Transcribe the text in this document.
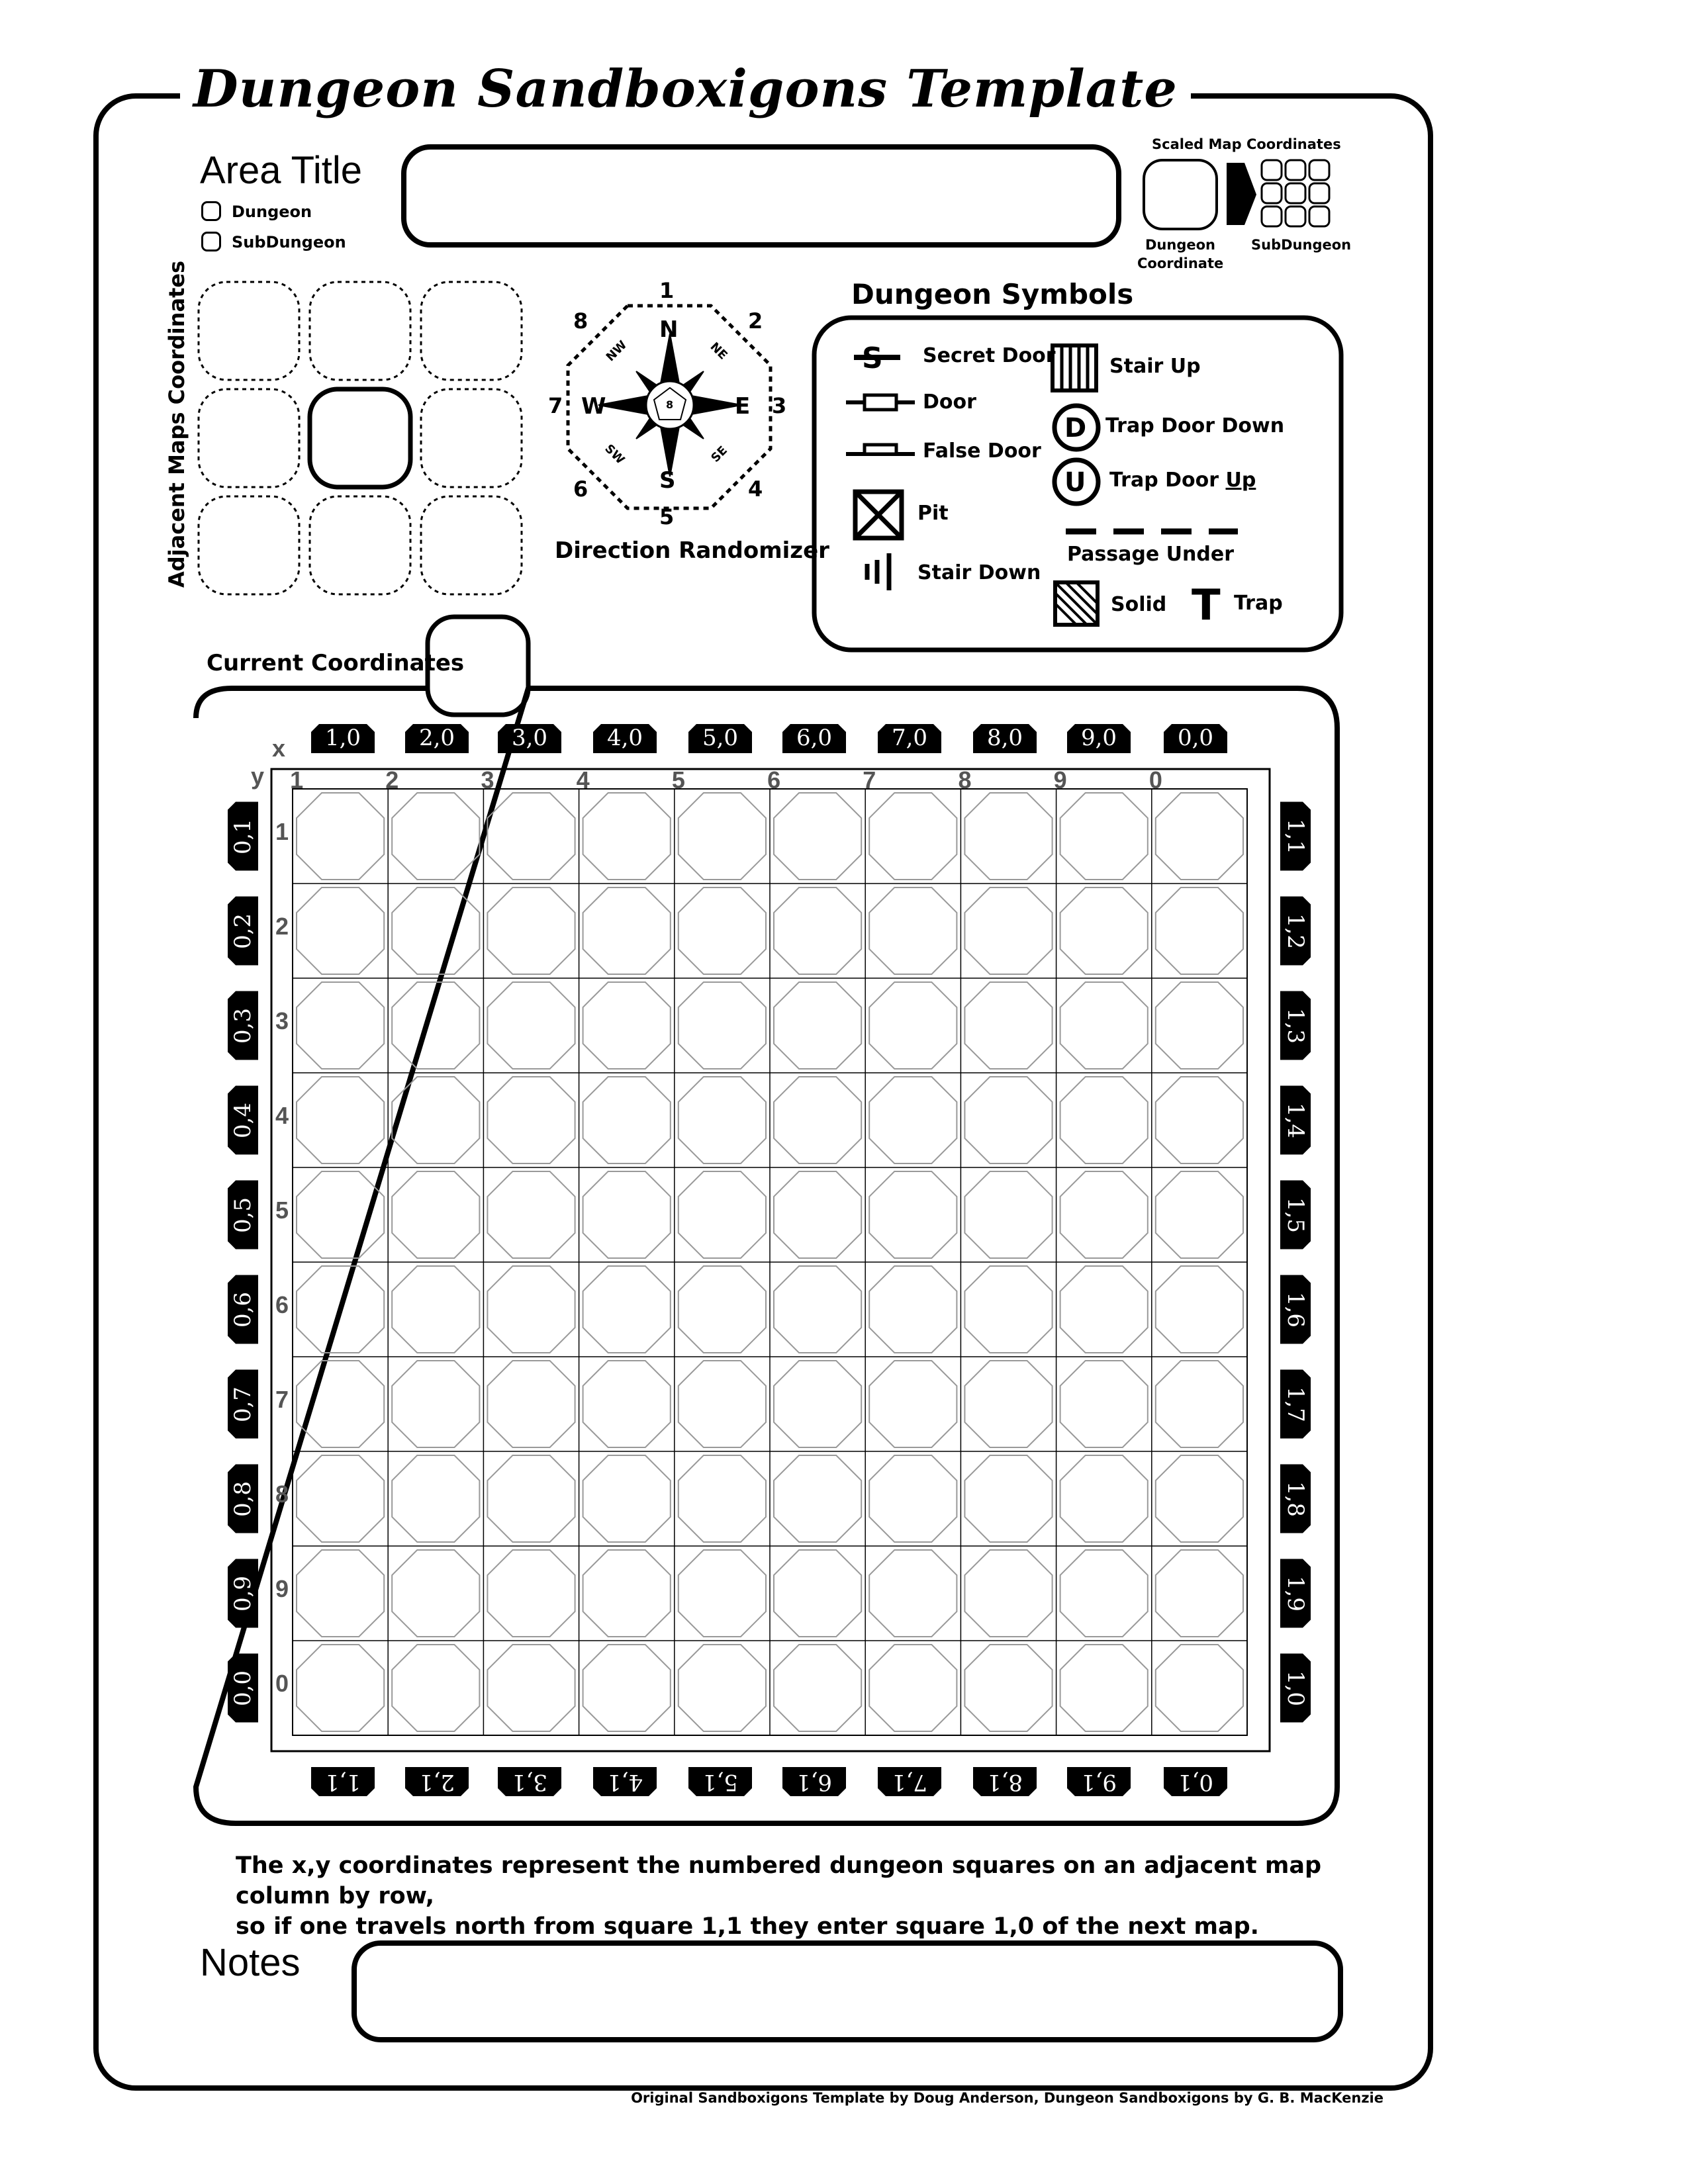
S
Dungeon Sandboxigons Template
Area Title
Dungeon
SubDungeon
Scaled Map Coordinates
Dungeon
Coordinate
SubDungeon
Adjacent Maps Coordinates	1
2
3
4
5
6
7
8	N
E
S
W
NE
SE
SW
NW
8
Direction Randomizer
Dungeon Symbols
Secret Door
Door
False Door
Pit
Stair Down
Stair Up
D Trap Door Down
U Trap Door Up
Passage Under
Solid T Trap
Current Coordinates
x
y	1	2	3	4	5	6	7	8	9	0
1
2
3
4
5
6
7
8
9
0
1,0	2,0	3,0	4,0	5,0	6,0	7,0	8,0	9,0	0,0
1,1	2,1	3,1	4,1	5,1	6,1	7,1	8,1	9,1	0,1
0,1
0,2
0,3
0,4
0,5
0,6
0,7
0,8
0,9
0,0
1,1
1,2
1,3
1,4
1,5
1,6
1,7
1,8
1,9
1,0
The x,y coordinates represent the numbered dungeon squares on an adjacent map column by row,
so if one travels north from square 1,1 they enter square 1,0 of the next map.
Notes
Original Sandboxigons Template by Doug Anderson, Dungeon Sandboxigons by G. B. MacKenzie
